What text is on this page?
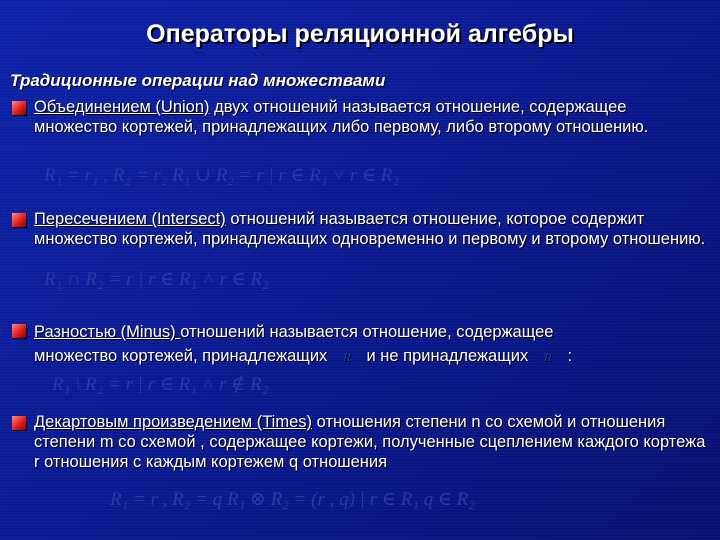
Операторы реляционной алгебры
Традиционные операции над множествами
Объединением (Union) двух отношений называется отношение, содержащее множество кортежей, принадлежащих либо первому, либо второму отношению.
R₁ = r₁ , R₂ = r₂ R₁ ∪ R₂ = r | r ∈ R₁ ˅ r ∈ R₂
Пересечением (Intersect) отношений называется отношение, которое содержит множество кортежей, принадлежащих одновременно и первому и второму отношению.
R₁ ∩ R₂ = r | r ∈ R₁ ˄ r ∈ R₂
Разностью (Minus) отношений называется отношение, содержащее
множество кортежей, принадлежащих R и не принадлежащих R :
R₁ \ R₂ = r | r ∈ R₁ ˄ r ∉ R₂
Декартовым произведением (Times) отношения степени n со схемой и отношения степени m со схемой , содержащее кортежи, полученные сцеплением каждого кортежа r отношения с каждым кортежем q отношения
R₁ = r , R₂ = q R₁ ⊗ R₂ = (r , q) | r ∈ R₁ q ∈ R₂
